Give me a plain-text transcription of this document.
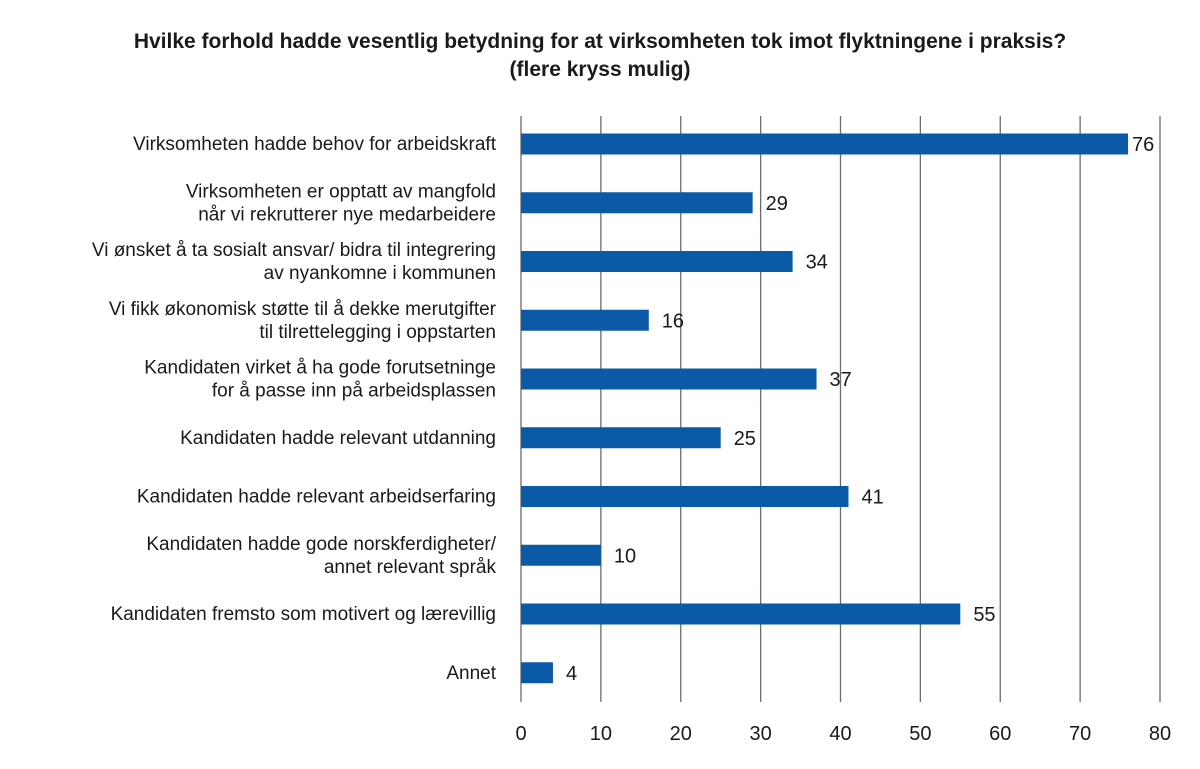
Hvilke forhold hadde vesentlig betydning for at virksomheten tok imot flyktningene i praksis?
(flere kryss mulig)
Virksomheten hadde behov for arbeidskraft
Virksomheten er opptatt av mangfold
når vi rekrutterer nye medarbeidere
Vi ønsket å ta sosialt ansvar/ bidra til integrering
av nyankomne i kommunen
Vi fikk økonomisk støtte til å dekke merutgifter
til tilrettelegging i oppstarten
Kandidaten virket å ha gode forutsetninge
for å passe inn på arbeidsplassen
Kandidaten hadde relevant utdanning
Kandidaten hadde relevant arbeidserfaring
Kandidaten hadde gode norskferdigheter/
annet relevant språk
Kandidaten fremsto som motivert og lærevillig
Annet
76
29
34
16
37
25
41
10
55
4
0	10	20	30	40	50	60	70	80
